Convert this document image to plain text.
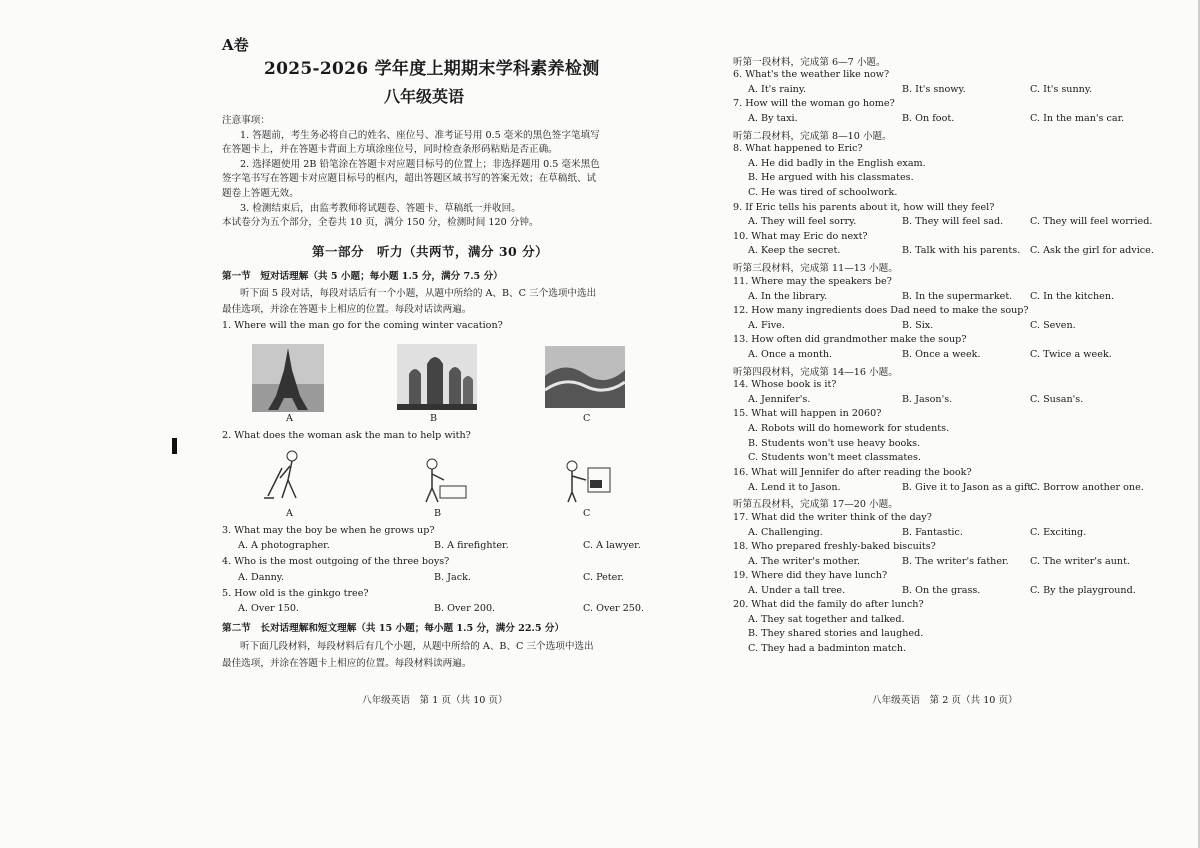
A卷
2025-2026 学年度上期期末学科素养检测
八年级英语

注意事项：

1. 答题前，考生务必将自己的姓名、座位号、准考证号用 0.5 毫米的黑色签字笔填写

在答题卡上，并在答题卡背面上方填涂座位号，同时检查条形码粘贴是否正确。

2. 选择题使用 2B 铅笔涂在答题卡对应题目标号的位置上；非选择题用 0.5 毫米黑色

签字笔书写在答题卡对应题目标号的框内，超出答题区域书写的答案无效；在草稿纸、试

题卷上答题无效。

3. 检测结束后，由监考教师将试题卷、答题卡、草稿纸一并收回。

本试卷分为五个部分，全卷共 10 页，满分 150 分，检测时间 120 分钟。

第一部分　听力（共两节，满分 30 分）
第一节　短对话理解（共 5 小题；每小题 1.5 分，满分 7.5 分）
听下面 5 段对话，每段对话后有一个小题，从题中所给的 A、B、C 三个选项中选出
最佳选项，并涂在答题卡上相应的位置。每段对话读两遍。
1. Where will the man go for the coming winter vacation?
A	B	C
2. What does the woman ask the man to help with?
A	B	C
3. What may the boy be when he grows up?
A. A photographer.	B. A firefighter.	C. A lawyer.
4. Who is the most outgoing of the three boys?
A. Danny.	B. Jack.	C. Peter.
5. How old is the ginkgo tree?
A. Over 150.	B. Over 200.	C. Over 250.
第二节　长对话理解和短文理解（共 15 小题；每小题 1.5 分，满分 22.5 分）
听下面几段材料，每段材料后有几个小题，从题中所给的 A、B、C 三个选项中选出
最佳选项，并涂在答题卡上相应的位置。每段材料读两遍。
八年级英语　第 1 页（共 10 页）
听第一段材料，完成第 6—7 小题。
6. What's the weather like now?
A. It's rainy.	B. It's snowy.	C. It's sunny.
7. How will the woman go home?
A. By taxi.	B. On foot.	C. In the man's car.
听第二段材料，完成第 8—10 小题。
8. What happened to Eric?
A. He did badly in the English exam.
B. He argued with his classmates.
C. He was tired of schoolwork.
9. If Eric tells his parents about it, how will they feel?
A. They will feel sorry.	B. They will feel sad.	C. They will feel worried.
10. What may Eric do next?
A. Keep the secret.	B. Talk with his parents. C. Ask the girl for advice.
听第三段材料，完成第 11—13 小题。
11. Where may the speakers be?
A. In the library.	B. In the supermarket. C. In the kitchen.
12. How many ingredients does Dad need to make the soup?
A. Five.	B. Six.	C. Seven.
13. How often did grandmother make the soup?
A. Once a month.	B. Once a week.	C. Twice a week.
听第四段材料，完成第 14—16 小题。
14. Whose book is it?
A. Jennifer's.	B. Jason's.	C. Susan's.
15. What will happen in 2060?
A. Robots will do homework for students.
B. Students won't use heavy books.
C. Students won't meet classmates.
16. What will Jennifer do after reading the book?
A. Lend it to Jason.	B. Give it to Jason as a gift.
C. Borrow another one.
听第五段材料，完成第 17—20 小题。
17. What did the writer think of the day?
A. Challenging.	B. Fantastic.	C. Exciting.
18. Who prepared freshly-baked biscuits?
A. The writer's mother.	B. The writer's father. C. The writer's aunt.
19. Where did they have lunch?
A. Under a tall tree.	B. On the grass.	C. By the playground.
20. What did the family do after lunch?
A. They sat together and talked.
B. They shared stories and laughed.
C. They had a badminton match.
八年级英语　第 2 页（共 10 页）
